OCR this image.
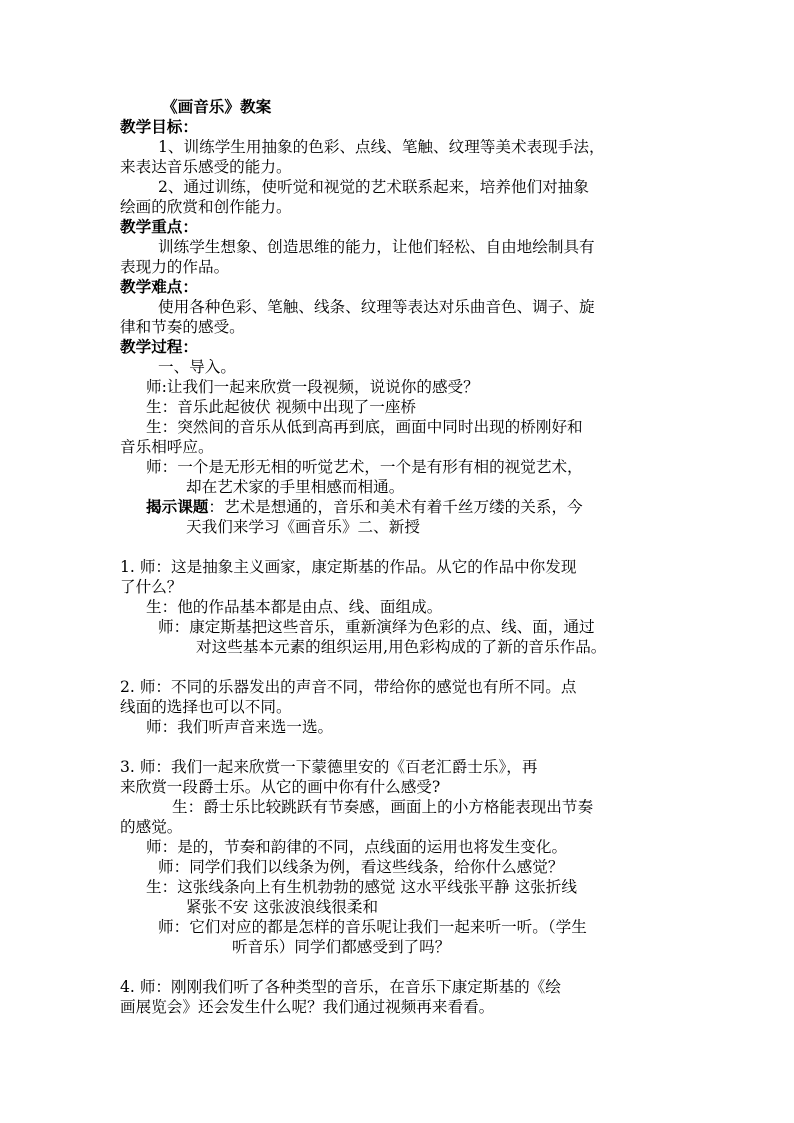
《画音乐》教案
教学目标：
1、训练学生用抽象的色彩、点线、笔触、纹理等美术表现手法，
来表达音乐感受的能力。
2、通过训练，使听觉和视觉的艺术联系起来，培养他们对抽象
绘画的欣赏和创作能力。
教学重点：
训练学生想象、创造思维的能力，让他们轻松、自由地绘制具有
表现力的作品。
教学难点：
使用各种色彩、笔触、线条、纹理等表达对乐曲音色、调子、旋
律和节奏的感受。
教学过程：
一、导入。
师:让我们一起来欣赏一段视频，说说你的感受？
生：音乐此起彼伏 视频中出现了一座桥
生：突然间的音乐从低到高再到底，画面中同时出现的桥刚好和
音乐相呼应。
师：一个是无形无相的听觉艺术，一个是有形有相的视觉艺术，
却在艺术家的手里相感而相通。
揭示课题：艺术是想通的，音乐和美术有着千丝万缕的关系，今
天我们来学习《画音乐》二、新授
1. 师：这是抽象主义画家，康定斯基的作品。从它的作品中你发现
了什么？
生：他的作品基本都是由点、线、面组成。
师：康定斯基把这些音乐，重新演绎为色彩的点、线、面，通过
对这些基本元素的组织运用,用色彩构成的了新的音乐作品。
2. 师：不同的乐器发出的声音不同，带给你的感觉也有所不同。点
线面的选择也可以不同。
师：我们听声音来选一选。
3. 师：我们一起来欣赏一下蒙德里安的《百老汇爵士乐》，再
来欣赏一段爵士乐。从它的画中你有什么感受?
生：爵士乐比较跳跃有节奏感，画面上的小方格能表现出节奏
的感觉。
师：是的，节奏和韵律的不同，点线面的运用也将发生变化。
师：同学们我们以线条为例，看这些线条，给你什么感觉？
生：这张线条向上有生机勃勃的感觉 这水平线张平静 这张折线
紧张不安 这张波浪线很柔和
师：它们对应的都是怎样的音乐呢让我们一起来听一听。（学生
听音乐）同学们都感受到了吗？
4. 师：刚刚我们听了各种类型的音乐，在音乐下康定斯基的《绘
画展览会》还会发生什么呢？我们通过视频再来看看。
